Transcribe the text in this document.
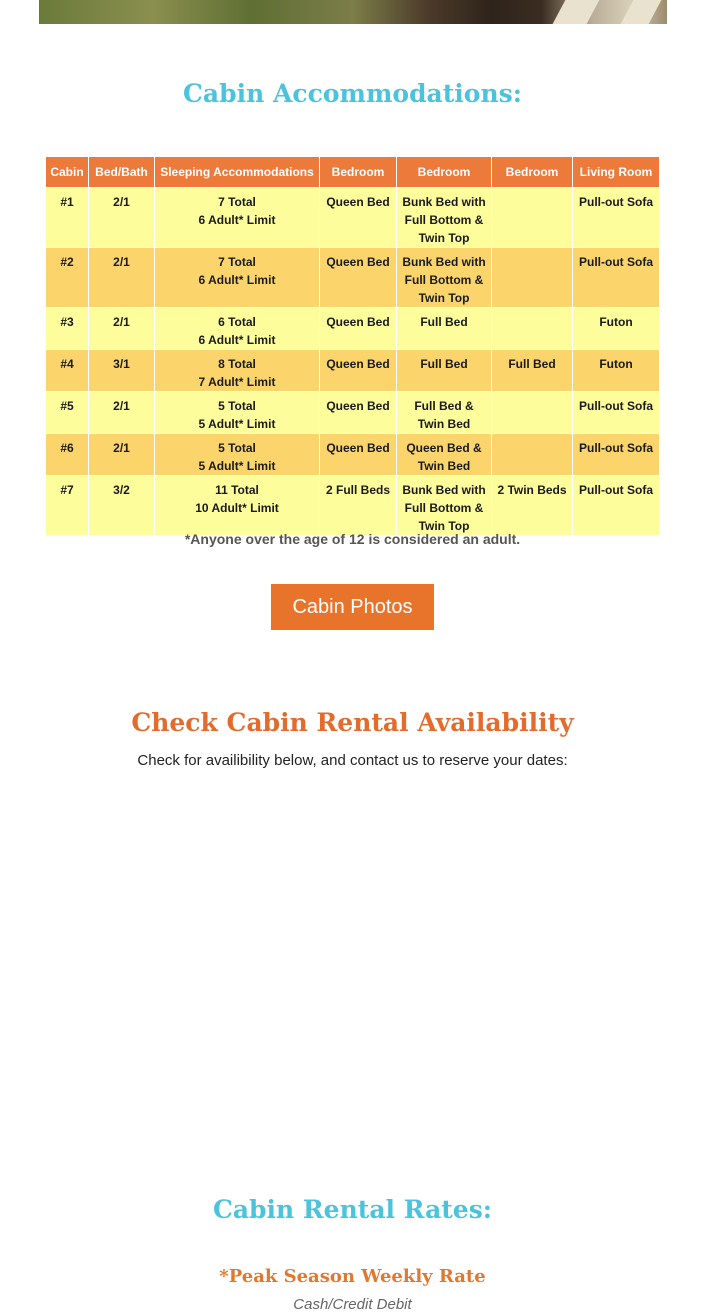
Cabin Accommodations:
Cabin	Bed/Bath	Sleeping Accommodations	Bedroom	Bedroom	Bedroom	Living Room
#1	2/1	7 Total
6 Adult* Limit	Queen Bed	Bunk Bed with
Full Bottom &
Twin Top		Pull-out Sofa
#2	2/1	7 Total
6 Adult* Limit	Queen Bed	Bunk Bed with
Full Bottom &
Twin Top		Pull-out Sofa
#3	2/1	6 Total
6 Adult* Limit	Queen Bed	Full Bed		Futon
#4	3/1	8 Total
7 Adult* Limit	Queen Bed	Full Bed	Full Bed	Futon
#5	2/1	5 Total
5 Adult* Limit	Queen Bed	Full Bed &
Twin Bed		Pull-out Sofa
#6	2/1	5 Total
5 Adult* Limit	Queen Bed	Queen Bed &
Twin Bed		Pull-out Sofa
#7	3/2	11 Total
10 Adult* Limit	2 Full Beds	Bunk Bed with
Full Bottom &
Twin Top	2 Twin Beds	Pull-out Sofa
*Anyone over the age of 12 is considered an adult.
Cabin Photos
Check Cabin Rental Availability
Check for availibility below, and contact us to reserve your dates:
Cabin Rental Rates:
*Peak Season Weekly Rate
Cash/Credit Debit
